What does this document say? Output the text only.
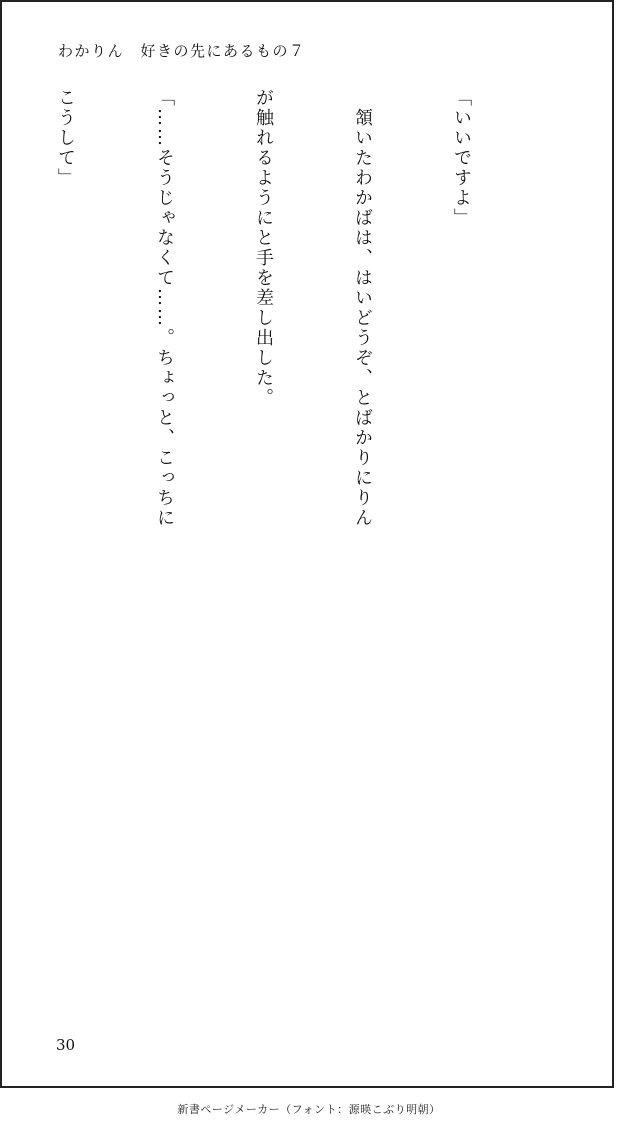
わかりん　好きの先にあるもの７

「いいですよ」

　頷いたわかばは、はいどうぞ、とばかりにりん

が触れるようにと手を差し出した。

「……そうじゃなくて……。ちょっと、こっちに

こうして」

30
新書ページメーカー（フォント：源暎こぶり明朝）
